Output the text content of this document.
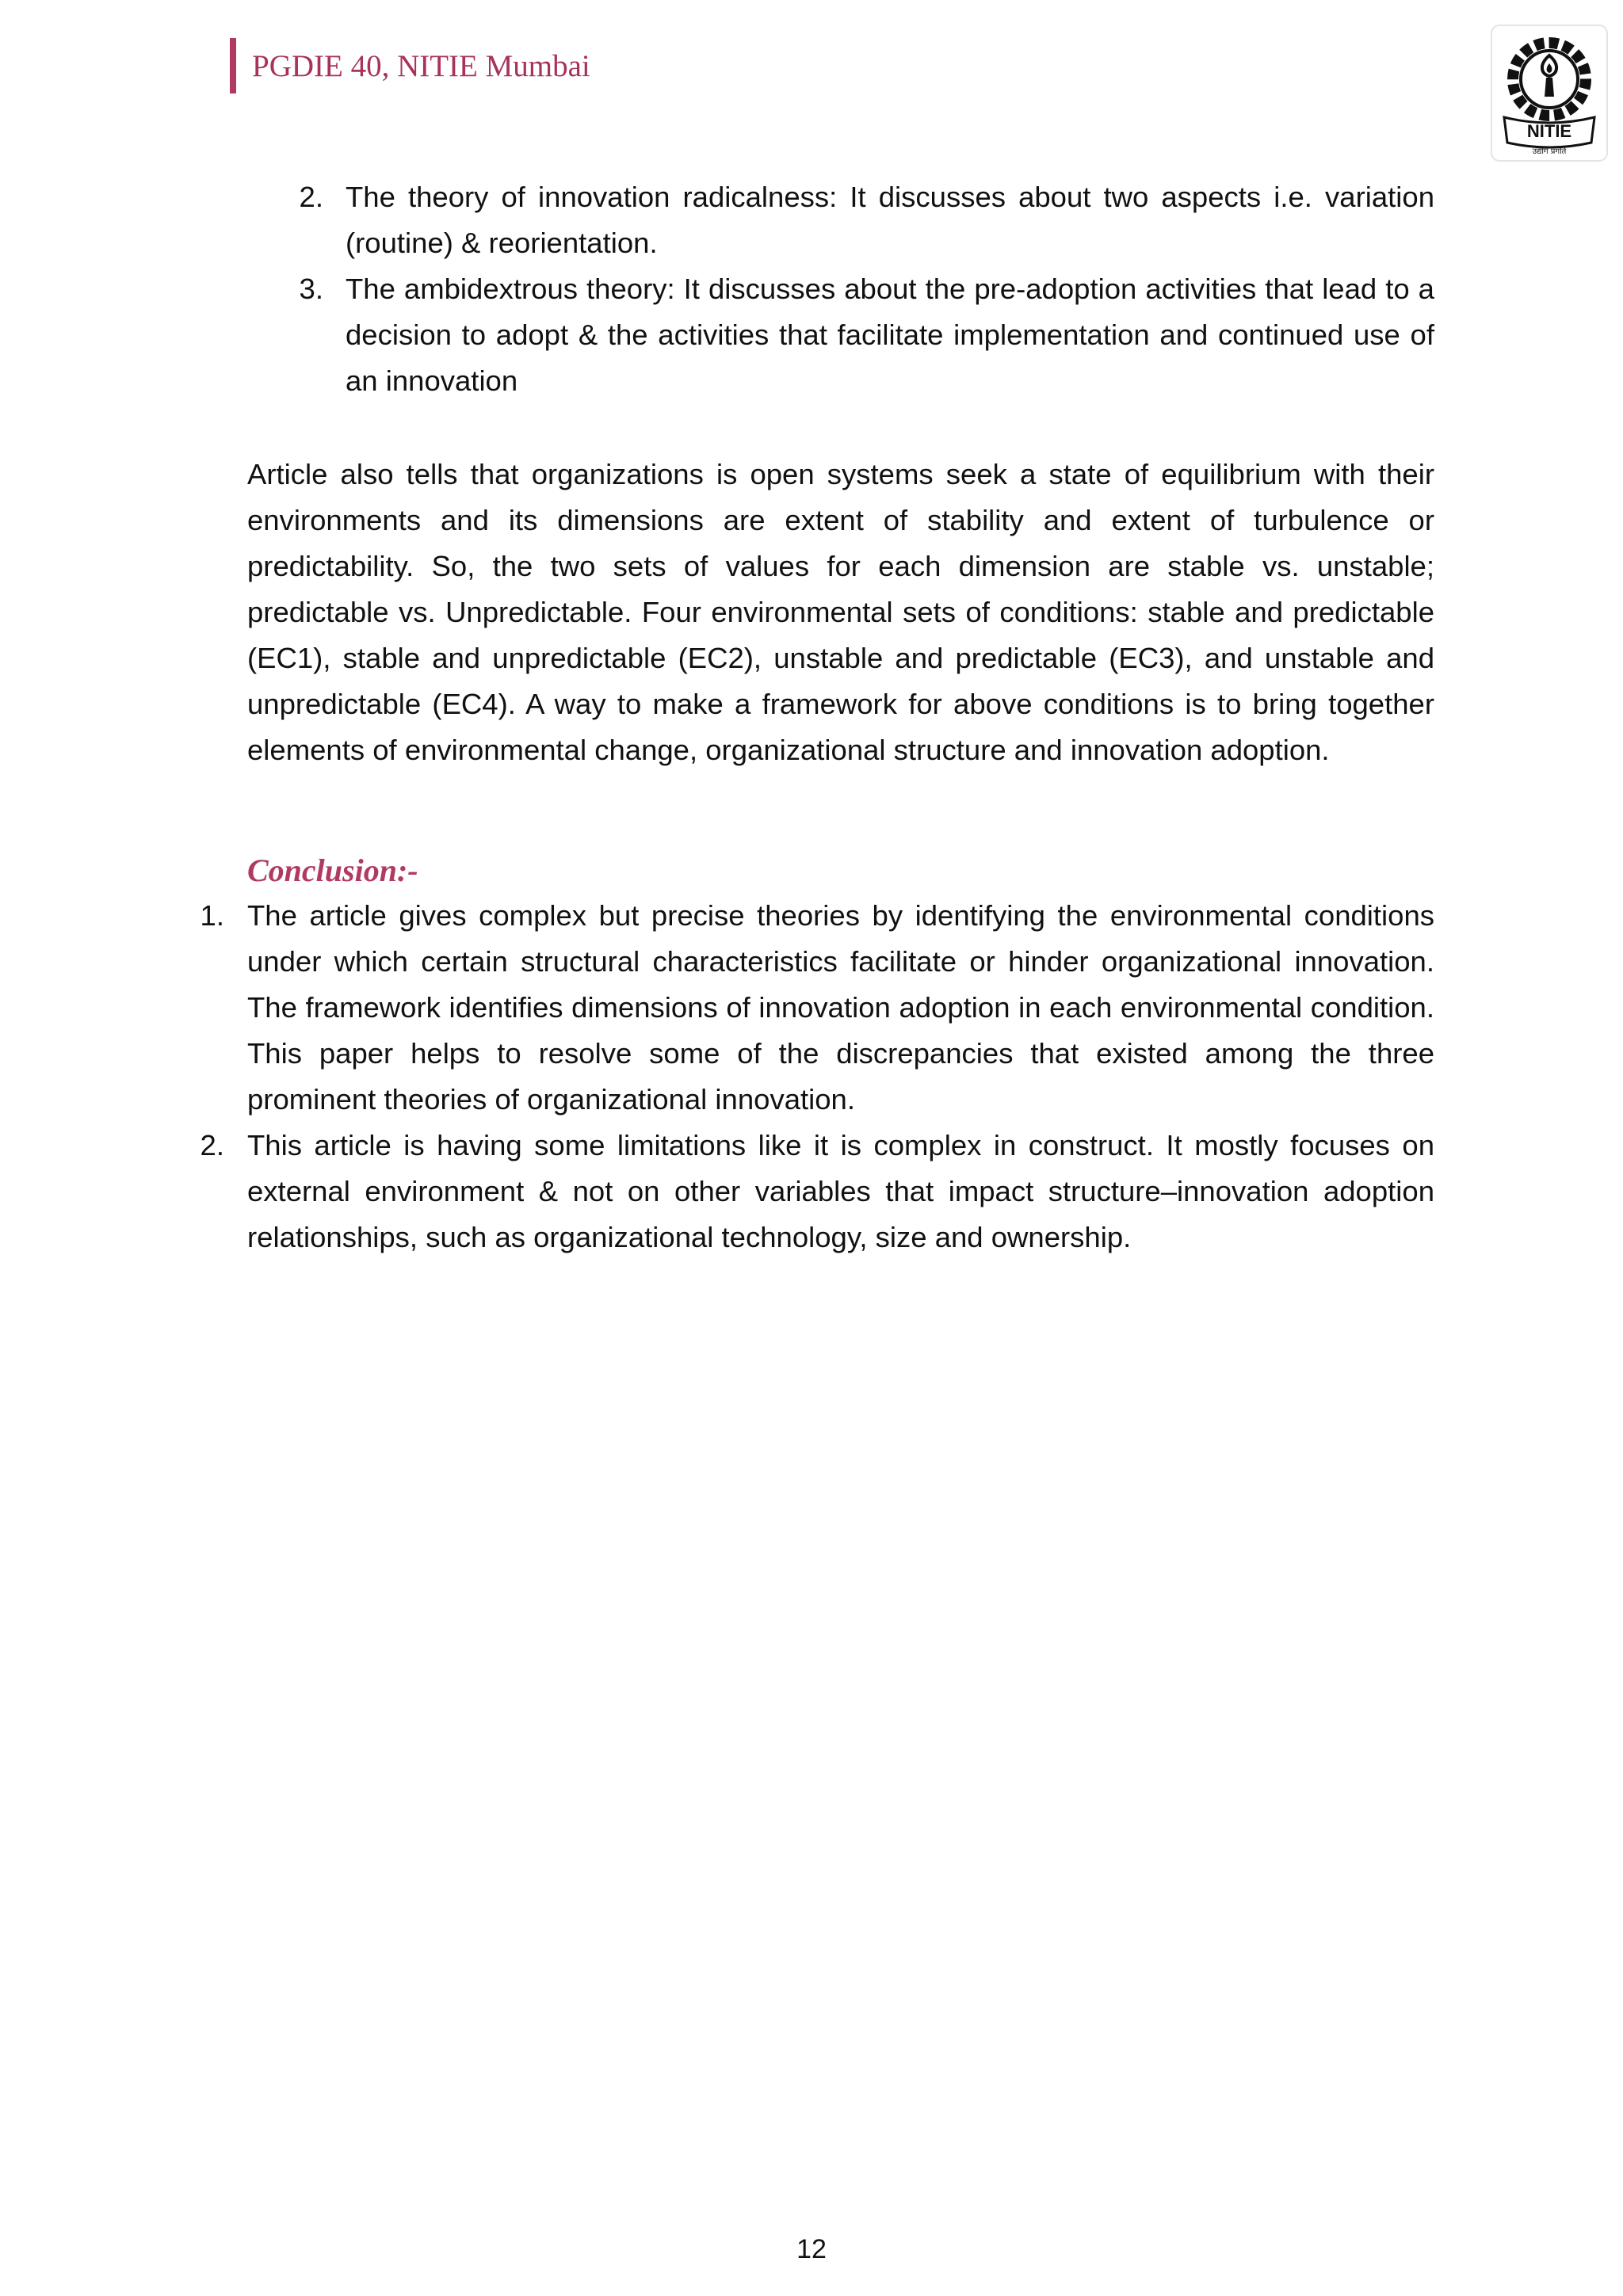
PGDIE 40, NITIE Mumbai
NITIE
उद्योग प्रगति
2. The theory of innovation radicalness: It discusses about two aspects i.e. variation (routine) & reorientation.
3. The ambidextrous theory: It discusses about the pre-adoption activities that lead to a decision to adopt & the activities that facilitate implementation and continued use of an innovation
Article also tells that organizations is open systems seek a state of equilibrium with their environments and its dimensions are extent of stability and extent of turbulence or predictability. So, the two sets of values for each dimension are stable vs. unstable; predictable vs. Unpredictable. Four environmental sets of conditions: stable and predictable (EC1), stable and unpredictable (EC2), unstable and predictable (EC3), and unstable and unpredictable (EC4). A way to make a framework for above conditions is to bring together elements of environmental change, organizational structure and innovation adoption.
Conclusion:-
1. The article gives complex but precise theories by identifying the environmental conditions under which certain structural characteristics facilitate or hinder organizational innovation. The framework identifies dimensions of innovation adoption in each environmental condition. This paper helps to resolve some of the discrepancies that existed among the three prominent theories of organizational innovation.
2. This article is having some limitations like it is complex in construct. It mostly focuses on external environment & not on other variables that impact structure–innovation adoption relationships, such as organizational technology, size and ownership.
12
